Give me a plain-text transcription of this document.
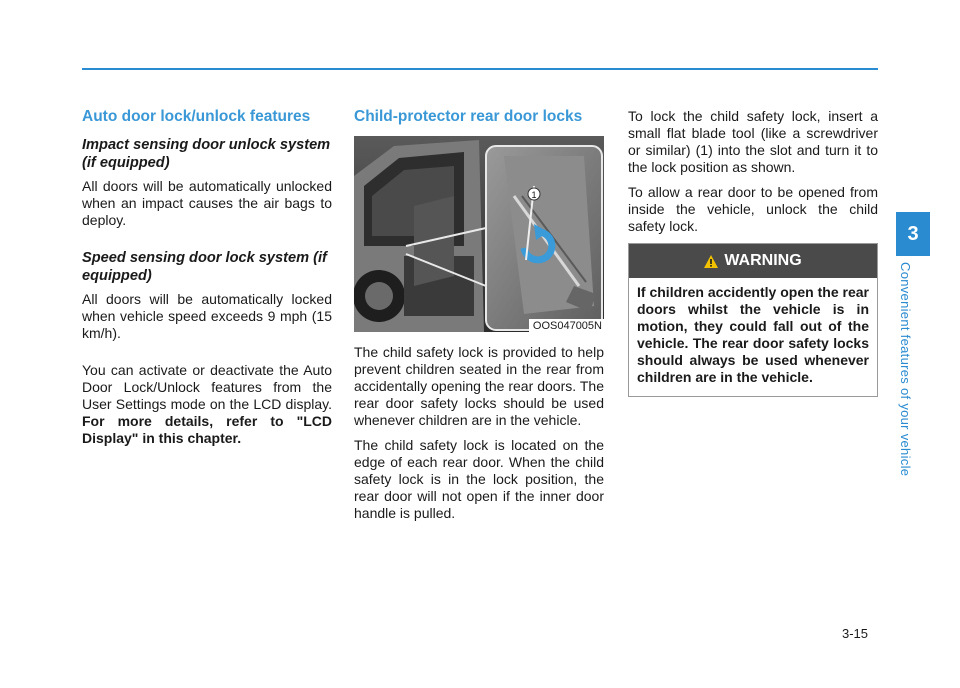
Auto door lock/unlock features
Impact sensing door unlock system (if equipped)

All doors will be automatically unlocked when an impact causes the air bags to deploy.

Speed sensing door lock system (if equipped)

All doors will be automatically locked when vehicle speed exceeds 9 mph (15 km/h).

You can activate or deactivate the Auto Door Lock/Unlock features from the User Settings mode on the LCD display. For more details, refer to "LCD Display" in this chapter.

Child-protector rear door locks
1
OOS047005N

The child safety lock is provided to help prevent children seated in the rear from accidentally opening the rear doors. The rear door safety locks should be used whenever children are in the vehicle.

The child safety lock is located on the edge of each rear door. When the child safety lock is in the lock position, the rear door will not open if the inner door handle is pulled.

To lock the child safety lock, insert a small flat blade tool (like a screwdriver or similar) (1) into the slot and turn it to the lock position as shown.

To allow a rear door to be opened from inside the vehicle, unlock the child safety lock.

WARNING
If children accidently open the rear doors whilst the vehicle is in motion, they could fall out of the vehicle. The rear door safety locks should always be used whenever children are in the vehicle.
3
Convenient features of your vehicle
3-15
